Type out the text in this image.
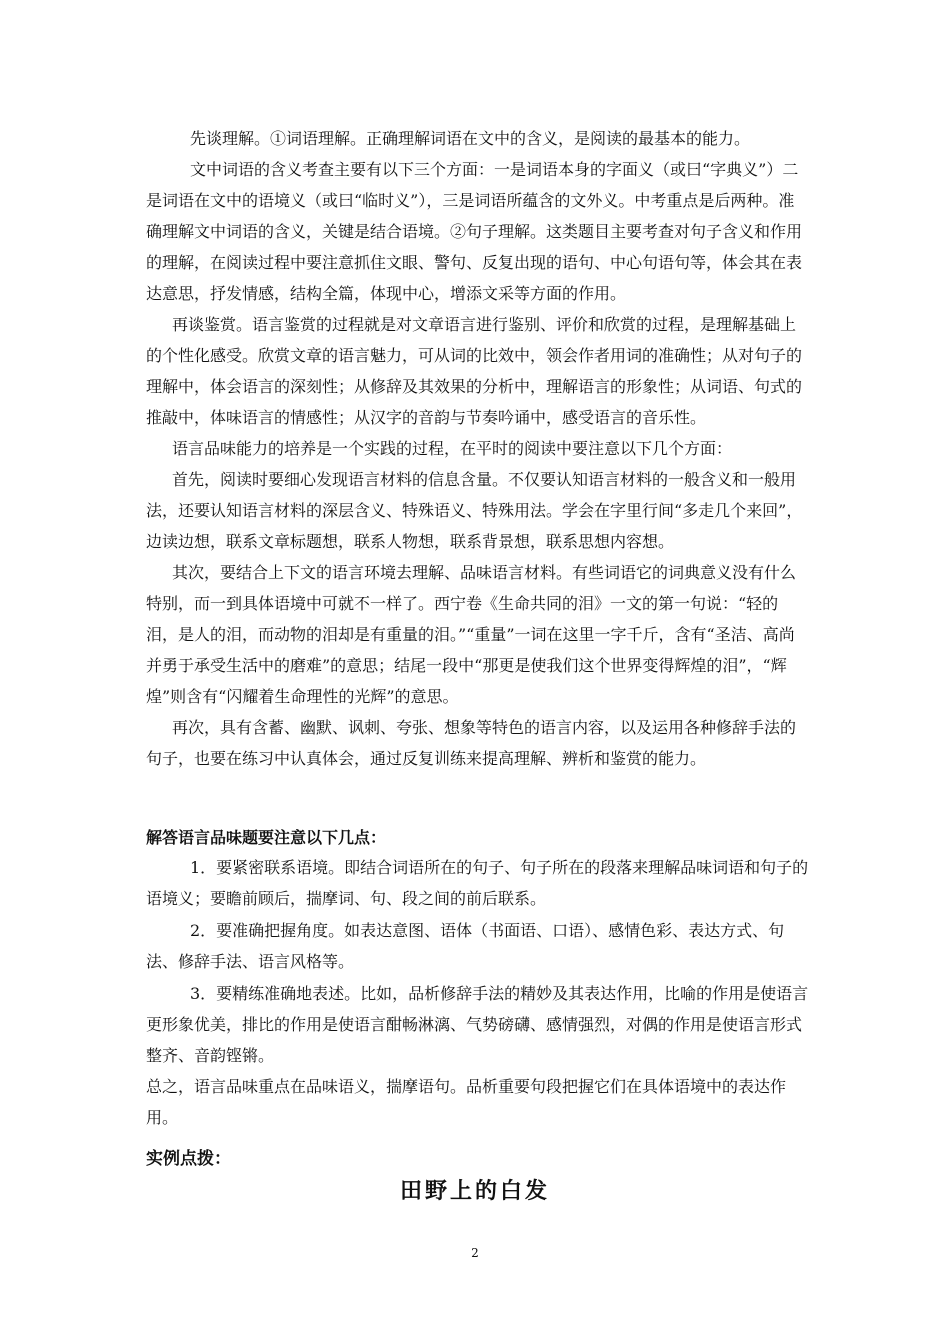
先谈理解。①词语理解。正确理解词语在文中的含义，是阅读的最基本的能力。

文中词语的含义考查主要有以下三个方面：一是词语本身的字面义（或曰“字典义”）二是词语在文中的语境义（或曰“临时义”），三是词语所蕴含的文外义。中考重点是后两种。准确理解文中词语的含义，关键是结合语境。②句子理解。这类题目主要考查对句子含义和作用的理解，在阅读过程中要注意抓住文眼、警句、反复出现的语句、中心句语句等，体会其在表达意思，抒发情感，结构全篇，体现中心，增添文采等方面的作用。

再谈鉴赏。语言鉴赏的过程就是对文章语言进行鉴别、评价和欣赏的过程，是理解基础上的个性化感受。欣赏文章的语言魅力，可从词的比效中，领会作者用词的准确性；从对句子的理解中，体会语言的深刻性；从修辞及其效果的分析中，理解语言的形象性；从词语、句式的推敲中，体味语言的情感性；从汉字的音韵与节奏吟诵中，感受语言的音乐性。

语言品味能力的培养是一个实践的过程，在平时的阅读中要注意以下几个方面：

首先，阅读时要细心发现语言材料的信息含量。不仅要认知语言材料的一般含义和一般用法，还要认知语言材料的深层含义、特殊语义、特殊用法。学会在字里行间“多走几个来回”，边读边想，联系文章标题想，联系人物想，联系背景想，联系思想内容想。

其次，要结合上下文的语言环境去理解、品味语言材料。有些词语它的词典意义没有什么特别，而一到具体语境中可就不一样了。西宁卷《生命共同的泪》一文的第一句说：“轻的泪，是人的泪，而动物的泪却是有重量的泪。”“重量”一词在这里一字千斤，含有“圣洁、高尚并勇于承受生活中的磨难”的意思；结尾一段中“那更是使我们这个世界变得辉煌的泪”，“辉煌”则含有“闪耀着生命理性的光辉”的意思。

再次，具有含蓄、幽默、讽刺、夸张、想象等特色的语言内容，以及运用各种修辞手法的句子，也要在练习中认真体会，通过反复训练来提高理解、辨析和鉴赏的能力。

解答语言品味题要注意以下几点：

1．要紧密联系语境。即结合词语所在的句子、句子所在的段落来理解品味词语和句子的语境义；要瞻前顾后，揣摩词、句、段之间的前后联系。

2．要准确把握角度。如表达意图、语体（书面语、口语）、感情色彩、表达方式、句法、修辞手法、语言风格等。

3．要精练准确地表述。比如，品析修辞手法的精妙及其表达作用，比喻的作用是使语言更形象优美，排比的作用是使语言酣畅淋漓、气势磅礴、感情强烈，对偶的作用是使语言形式整齐、音韵铿锵。

总之，语言品味重点在品味语义，揣摩语句。品析重要句段把握它们在具体语境中的表达作用。

实例点拨：

田野上的白发

2
